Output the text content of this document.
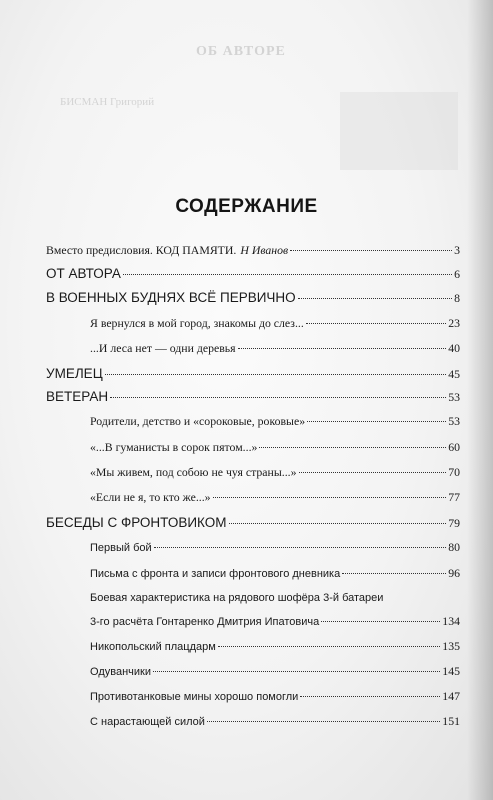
ОБ АВТОРЕ
БИСМАН Григорий
СОДЕРЖАНИЕ
Вместо предисловия. КОД ПАМЯТИ. Н Иванов	3
ОТ АВТОРА	6
В ВОЕННЫХ БУДНЯХ ВСЁ ПЕРВИЧНО	8
Я вернулся в мой город, знакомы до слез...	23
...И леса нет — одни деревья	40
УМЕЛЕЦ	45
ВЕТЕРАН	53
Родители, детство и «сороковые, роковые»	53
«...В гуманисты в сорок пятом...»	60
«Мы живем, под собою не чуя страны...»	70
«Если не я, то кто же...»	77
БЕСЕДЫ С ФРОНТОВИКОМ	79
Первый бой	80
Письма с фронта и записи фронтового дневника	96
Боевая характеристика на рядового шофёра 3-й батареи
3-го расчёта Гонтаренко Дмитрия Ипатовича	134
Никопольский плацдарм	135
Одуванчики	145
Противотанковые мины хорошо помогли	147
С нарастающей силой	151
